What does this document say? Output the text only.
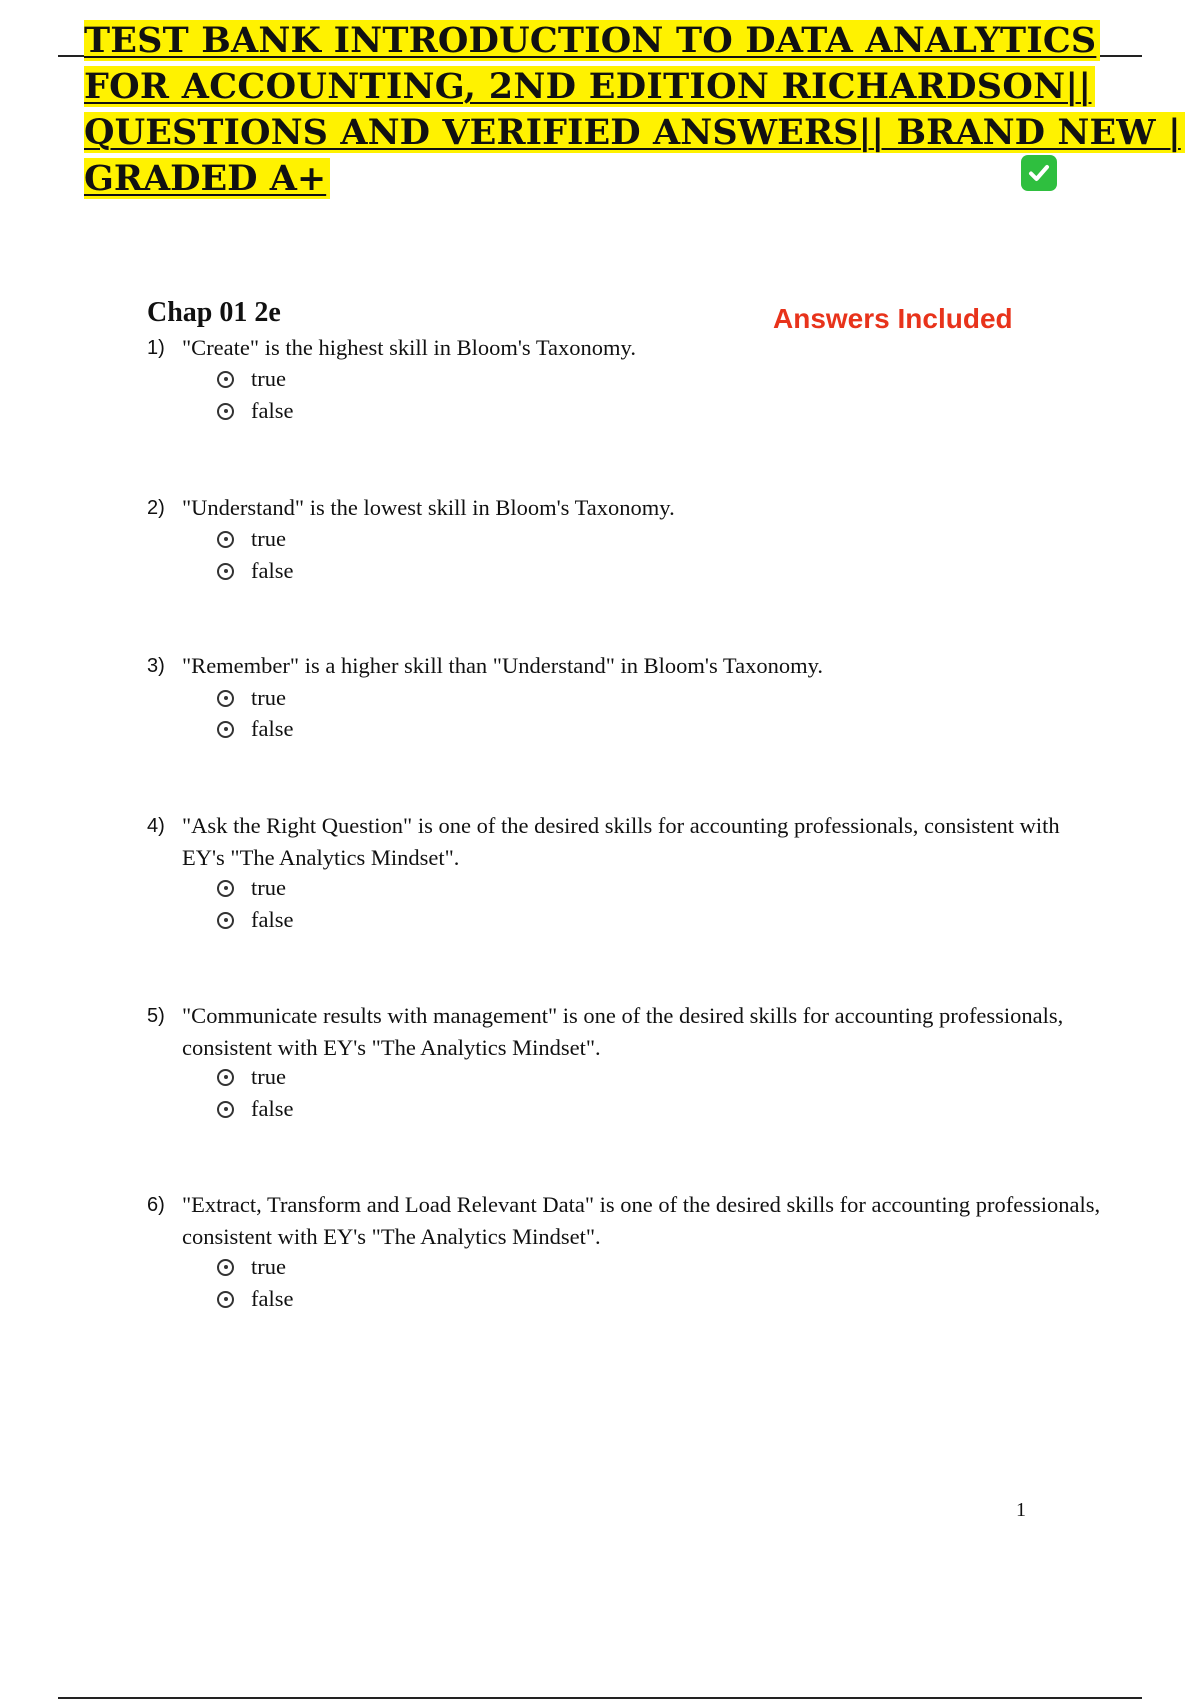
TEST BANK INTRODUCTION TO DATA ANALYTICS
FOR ACCOUNTING, 2ND EDITION RICHARDSON||
QUESTIONS AND VERIFIED ANSWERS|| BRAND NEW |
GRADED A+
Chap 01 2e	Answers Included
1) "Create" is the highest skill in Bloom's Taxonomy.
true
false
2) "Understand" is the lowest skill in Bloom's Taxonomy.
true
false
3) "Remember" is a higher skill than "Understand" in Bloom's Taxonomy.
true
false
4) "Ask the Right Question" is one of the desired skills for accounting professionals, consistent with EY's "The Analytics Mindset".
true
false
5) "Communicate results with management" is one of the desired skills for accounting professionals, consistent with EY's "The Analytics Mindset".
true
false
6) "Extract, Transform and Load Relevant Data" is one of the desired skills for accounting professionals, consistent with EY's "The Analytics Mindset".
true
false
1
